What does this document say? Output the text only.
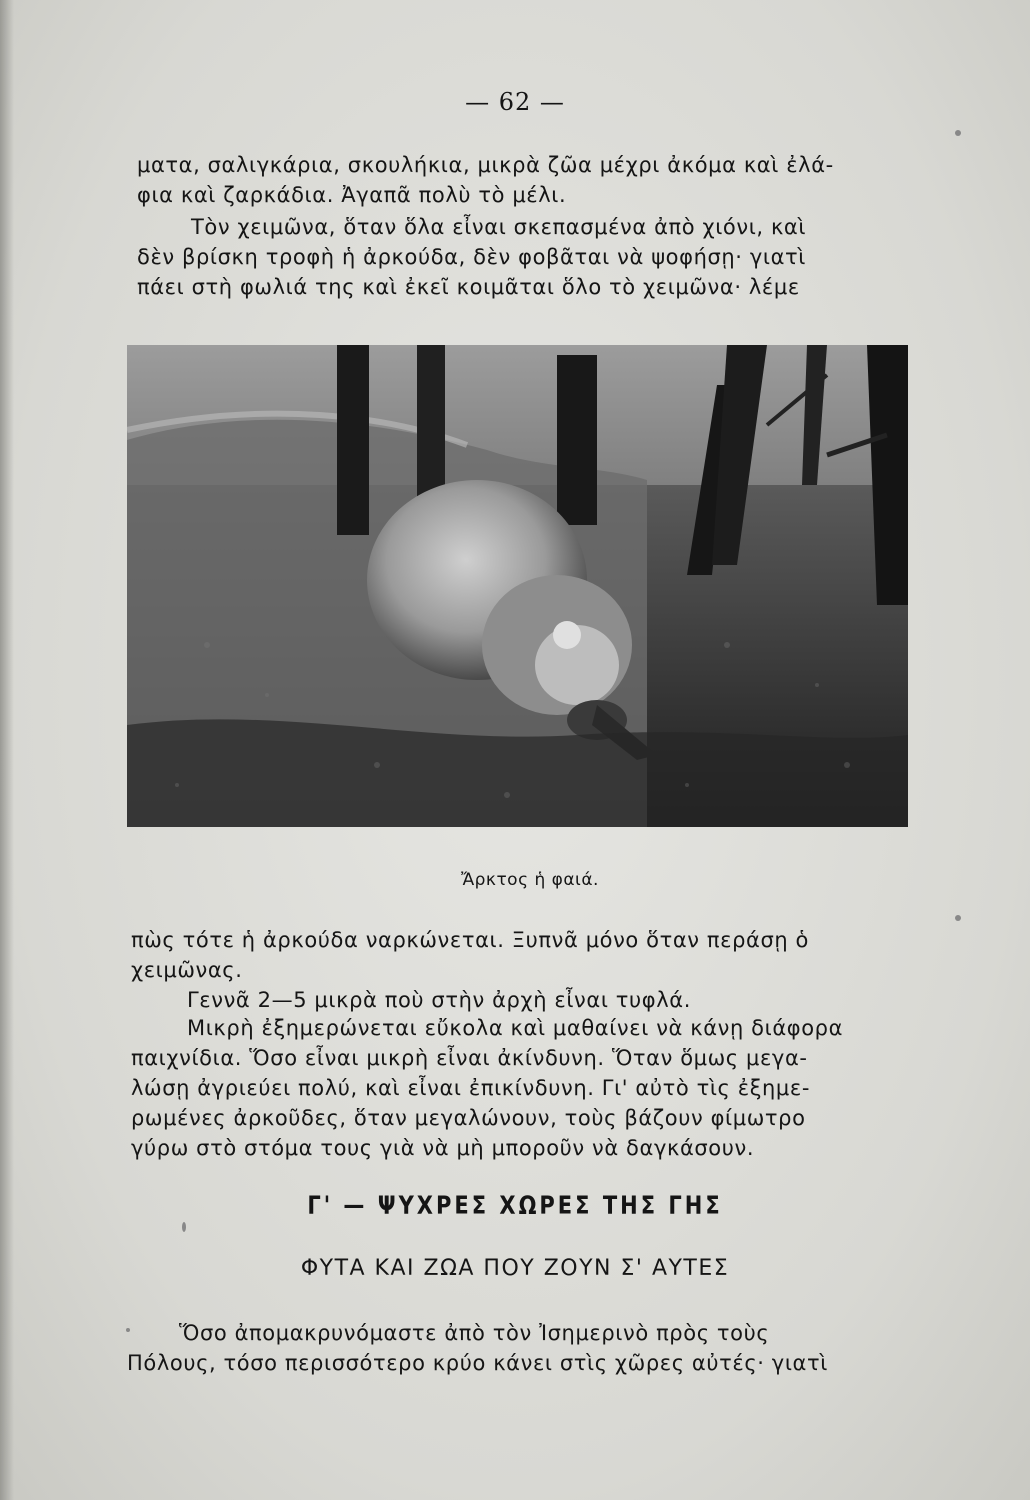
— 62 —

ματα, σαλιγκάρια, σκουλήκια, μικρὰ ζῶα μέχρι ἀκόμα καὶ ἐλά-
φια καὶ ζαρκάδια. Ἀγαπᾶ πολὺ τὸ μέλι.

Τὸν χειμῶνα, ὅταν ὅλα εἶναι σκεπασμένα ἀπὸ χιόνι, καὶ
δὲν βρίσκη τροφὴ ἡ ἀρκούδα, δὲν φοβᾶται νὰ ψοφήσῃ· γιατὶ
πάει στὴ φωλιά της καὶ ἐκεῖ κοιμᾶται ὅλο τὸ χειμῶνα· λέμε

Ἄρκτος ἡ φαιά.

πὼς τότε ἡ ἀρκούδα ναρκώνεται. Ξυπνᾶ μόνο ὅταν περάσῃ ὁ
χειμῶνας.

Γεννᾶ 2—5 μικρὰ ποὺ στὴν ἀρχὴ εἶναι τυφλά.

Μικρὴ ἐξημερώνεται εὔκολα καὶ μαθαίνει νὰ κάνῃ διάφορα
παιχνίδια. Ὅσο εἶναι μικρὴ εἶναι ἀκίνδυνη. Ὅταν ὅμως μεγα-
λώσῃ ἀγριεύει πολύ, καὶ εἶναι ἐπικίνδυνη. Γι' αὐτὸ τὶς ἐξημε-
ρωμένες ἀρκοῦδες, ὅταν μεγαλώνουν, τοὺς βάζουν φίμωτρο
γύρω στὸ στόμα τους γιὰ νὰ μὴ μποροῦν νὰ δαγκάσουν.

Γ' — ΨΥΧΡΕΣ ΧΩΡΕΣ ΤΗΣ ΓΗΣ
ΦΥΤΑ ΚΑΙ ΖΩΑ ΠΟΥ ΖΟΥΝ Σ' ΑΥΤΕΣ

Ὅσο ἀπομακρυνόμαστε ἀπὸ τὸν Ἰσημερινὸ πρὸς τοὺς
Πόλους, τόσο περισσότερο κρύο κάνει στὶς χῶρες αὐτές· γιατὶ
